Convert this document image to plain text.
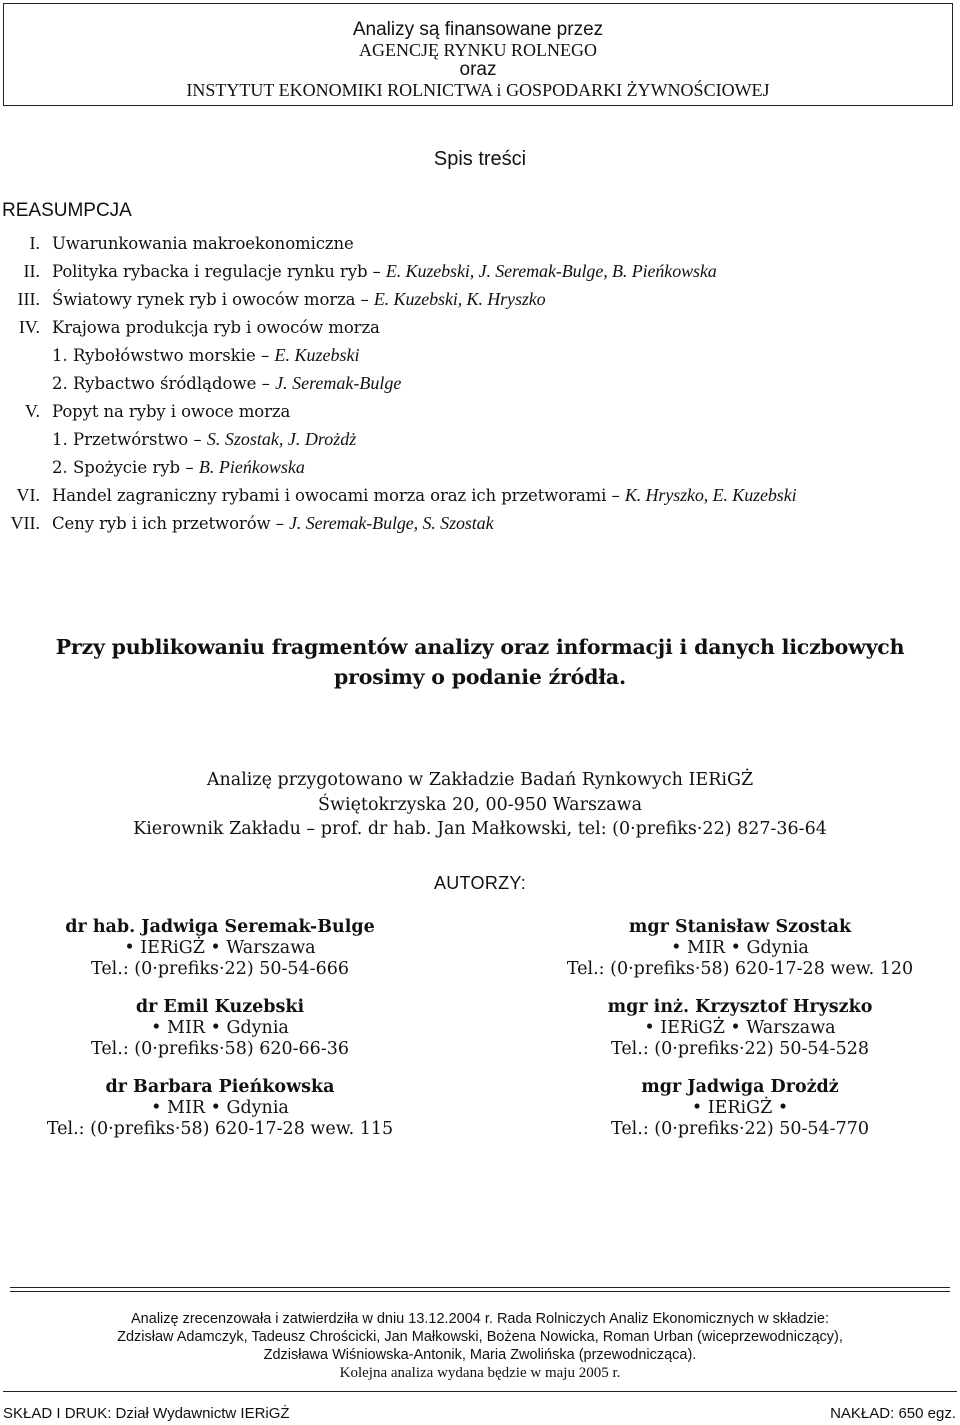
Analizy są finansowane przez
AGENCJĘ RYNKU ROLNEGO
oraz
INSTYTUT EKONOMIKI ROLNICTWA i GOSPODARKI ŻYWNOŚCIOWEJ
Spis treści
REASUMPCJA
I. Uwarunkowania makroekonomiczne
II. Polityka rybacka i regulacje rynku ryb – E. Kuzebski, J. Seremak-Bulge, B. Pieńkowska
III. Światowy rynek ryb i owoców morza – E. Kuzebski, K. Hryszko
IV. Krajowa produkcja ryb i owoców morza
1. Rybołówstwo morskie – E. Kuzebski
2. Rybactwo śródlądowe – J. Seremak-Bulge
V. Popyt na ryby i owoce morza
1. Przetwórstwo – S. Szostak, J. Drożdż
2. Spożycie ryb – B. Pieńkowska
VI. Handel zagraniczny rybami i owocami morza oraz ich przetworami – K. Hryszko, E. Kuzebski
VII. Ceny ryb i ich przetworów – J. Seremak-Bulge, S. Szostak
Przy publikowaniu fragmentów analizy oraz informacji i danych liczbowych
prosimy o podanie źródła.
Analizę przygotowano w Zakładzie Badań Rynkowych IERiGŻ
Świętokrzyska 20, 00-950 Warszawa
Kierownik Zakładu – prof. dr hab. Jan Małkowski, tel: (0·prefiks·22) 827-36-64
AUTORZY:
dr hab. Jadwiga Seremak-Bulge
• IERiGŻ • Warszawa
Tel.: (0·prefiks·22) 50-54-666
dr Emil Kuzebski
• MIR • Gdynia
Tel.: (0·prefiks·58) 620-66-36
dr Barbara Pieńkowska
• MIR • Gdynia
Tel.: (0·prefiks·58) 620-17-28 wew. 115
mgr Stanisław Szostak
• MIR • Gdynia
Tel.: (0·prefiks·58) 620-17-28 wew. 120
mgr inż. Krzysztof Hryszko
• IERiGŻ • Warszawa
Tel.: (0·prefiks·22) 50-54-528
mgr Jadwiga Drożdż
• IERiGŻ •
Tel.: (0·prefiks·22) 50-54-770
Analizę zrecenzowała i zatwierdziła w dniu 13.12.2004 r. Rada Rolniczych Analiz Ekonomicznych w składzie:
Zdzisław Adamczyk, Tadeusz Chrościcki, Jan Małkowski, Bożena Nowicka, Roman Urban (wiceprzewodniczący),
Zdzisława Wiśniowska-Antonik, Maria Zwolińska (przewodnicząca).
Kolejna analiza wydana będzie w maju 2005 r.
SKŁAD I DRUK: Dział Wydawnictw IERiGŻ	NAKŁAD: 650 egz.
